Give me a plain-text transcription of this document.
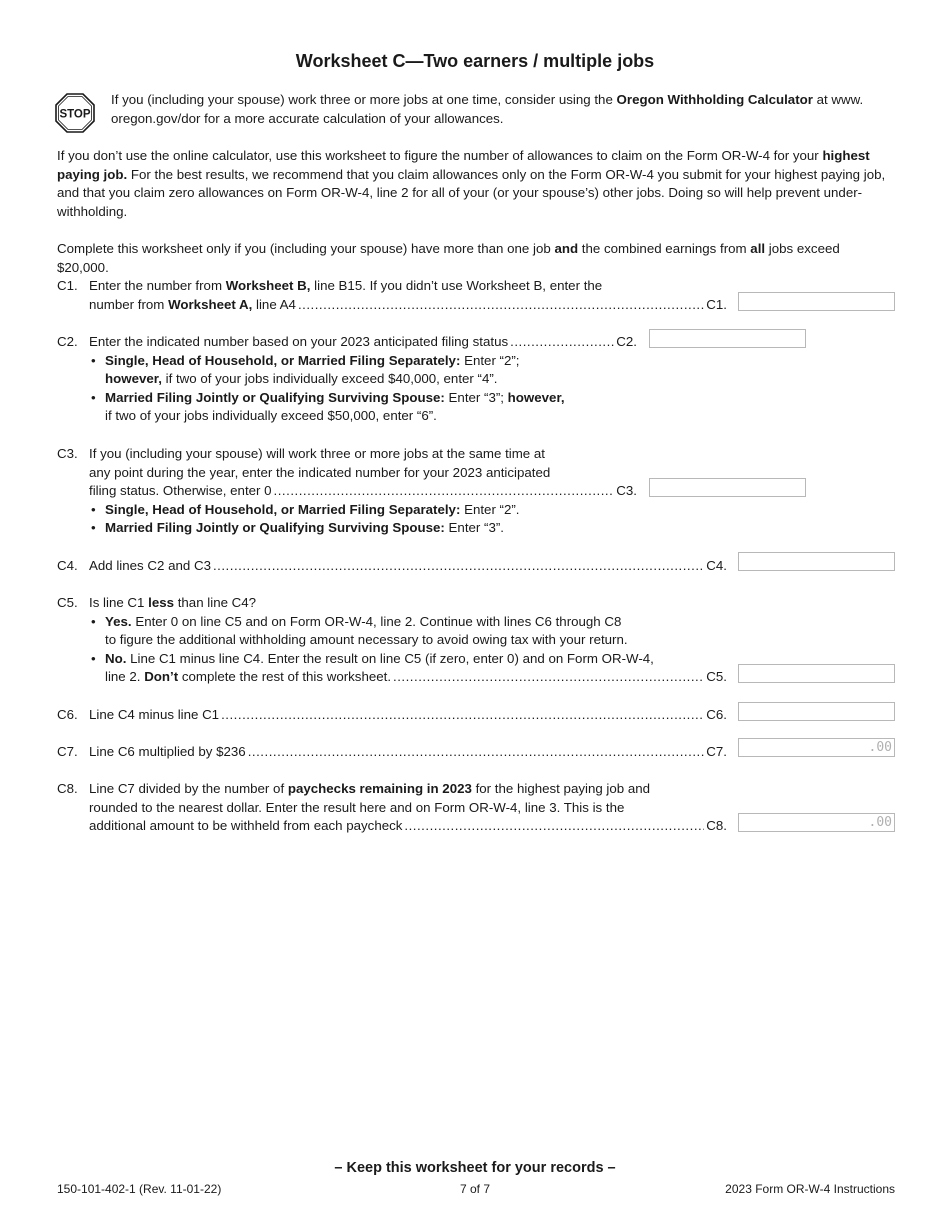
Worksheet C—Two earners / multiple jobs
STOP
If you (including your spouse) work three or more jobs at one time, consider using the Oregon Withholding Calculator at www. oregon.gov/dor for a more accurate calculation of your allowances.
If you don’t use the online calculator, use this worksheet to figure the number of allowances to claim on the Form OR-W-4 for your highest paying job. For the best results, we recommend that you claim allowances only on the Form OR-W-4 you submit for your highest paying job, and that you claim zero allowances on Form OR-W-4, line 2 for all of your (or your spouse’s) other jobs. Doing so will help prevent under-withholding.
Complete this worksheet only if you (including your spouse) have more than one job and the combined earnings from all jobs exceed $20,000.
C1. Enter the number from Worksheet B, line B15. If you didn’t use Worksheet B, enter the
number from Worksheet A, line A4 .....	C1.
C2. Enter the indicated number based on your 2023 anticipated filing status .....	C2.
• Single, Head of Household, or Married Filing Separately: Enter “2”;
however, if two of your jobs individually exceed $40,000, enter “4”.
• Married Filing Jointly or Qualifying Surviving Spouse: Enter “3”; however,
if two of your jobs individually exceed $50,000, enter “6”.
C3. If you (including your spouse) will work three or more jobs at the same time at
any point during the year, enter the indicated number for your 2023 anticipated
filing status. Otherwise, enter 0 .....	C3.
• Single, Head of Household, or Married Filing Separately: Enter “2”.
• Married Filing Jointly or Qualifying Surviving Spouse: Enter “3”.
C4. Add lines C2 and C3 .....	C4.
C5. Is line C1 less than line C4?
• Yes. Enter 0 on line C5 and on Form OR-W-4, line 2. Continue with lines C6 through C8
to figure the additional withholding amount necessary to avoid owing tax with your return.
• No. Line C1 minus line C4. Enter the result on line C5 (if zero, enter 0) and on Form OR-W-4,
line 2. Don’t complete the rest of this worksheet. .....	C5.
C6. Line C4 minus line C1 .....	C6.
C7. Line C6 multiplied by $236 .....	C7.	.00
C8. Line C7 divided by the number of paychecks remaining in 2023 for the highest paying job and
rounded to the nearest dollar. Enter the result here and on Form OR-W-4, line 3. This is the
additional amount to be withheld from each paycheck .....	C8.	.00
– Keep this worksheet for your records –
150-101-402-1 (Rev. 11-01-22)	7 of 7	2023 Form OR-W-4 Instructions
